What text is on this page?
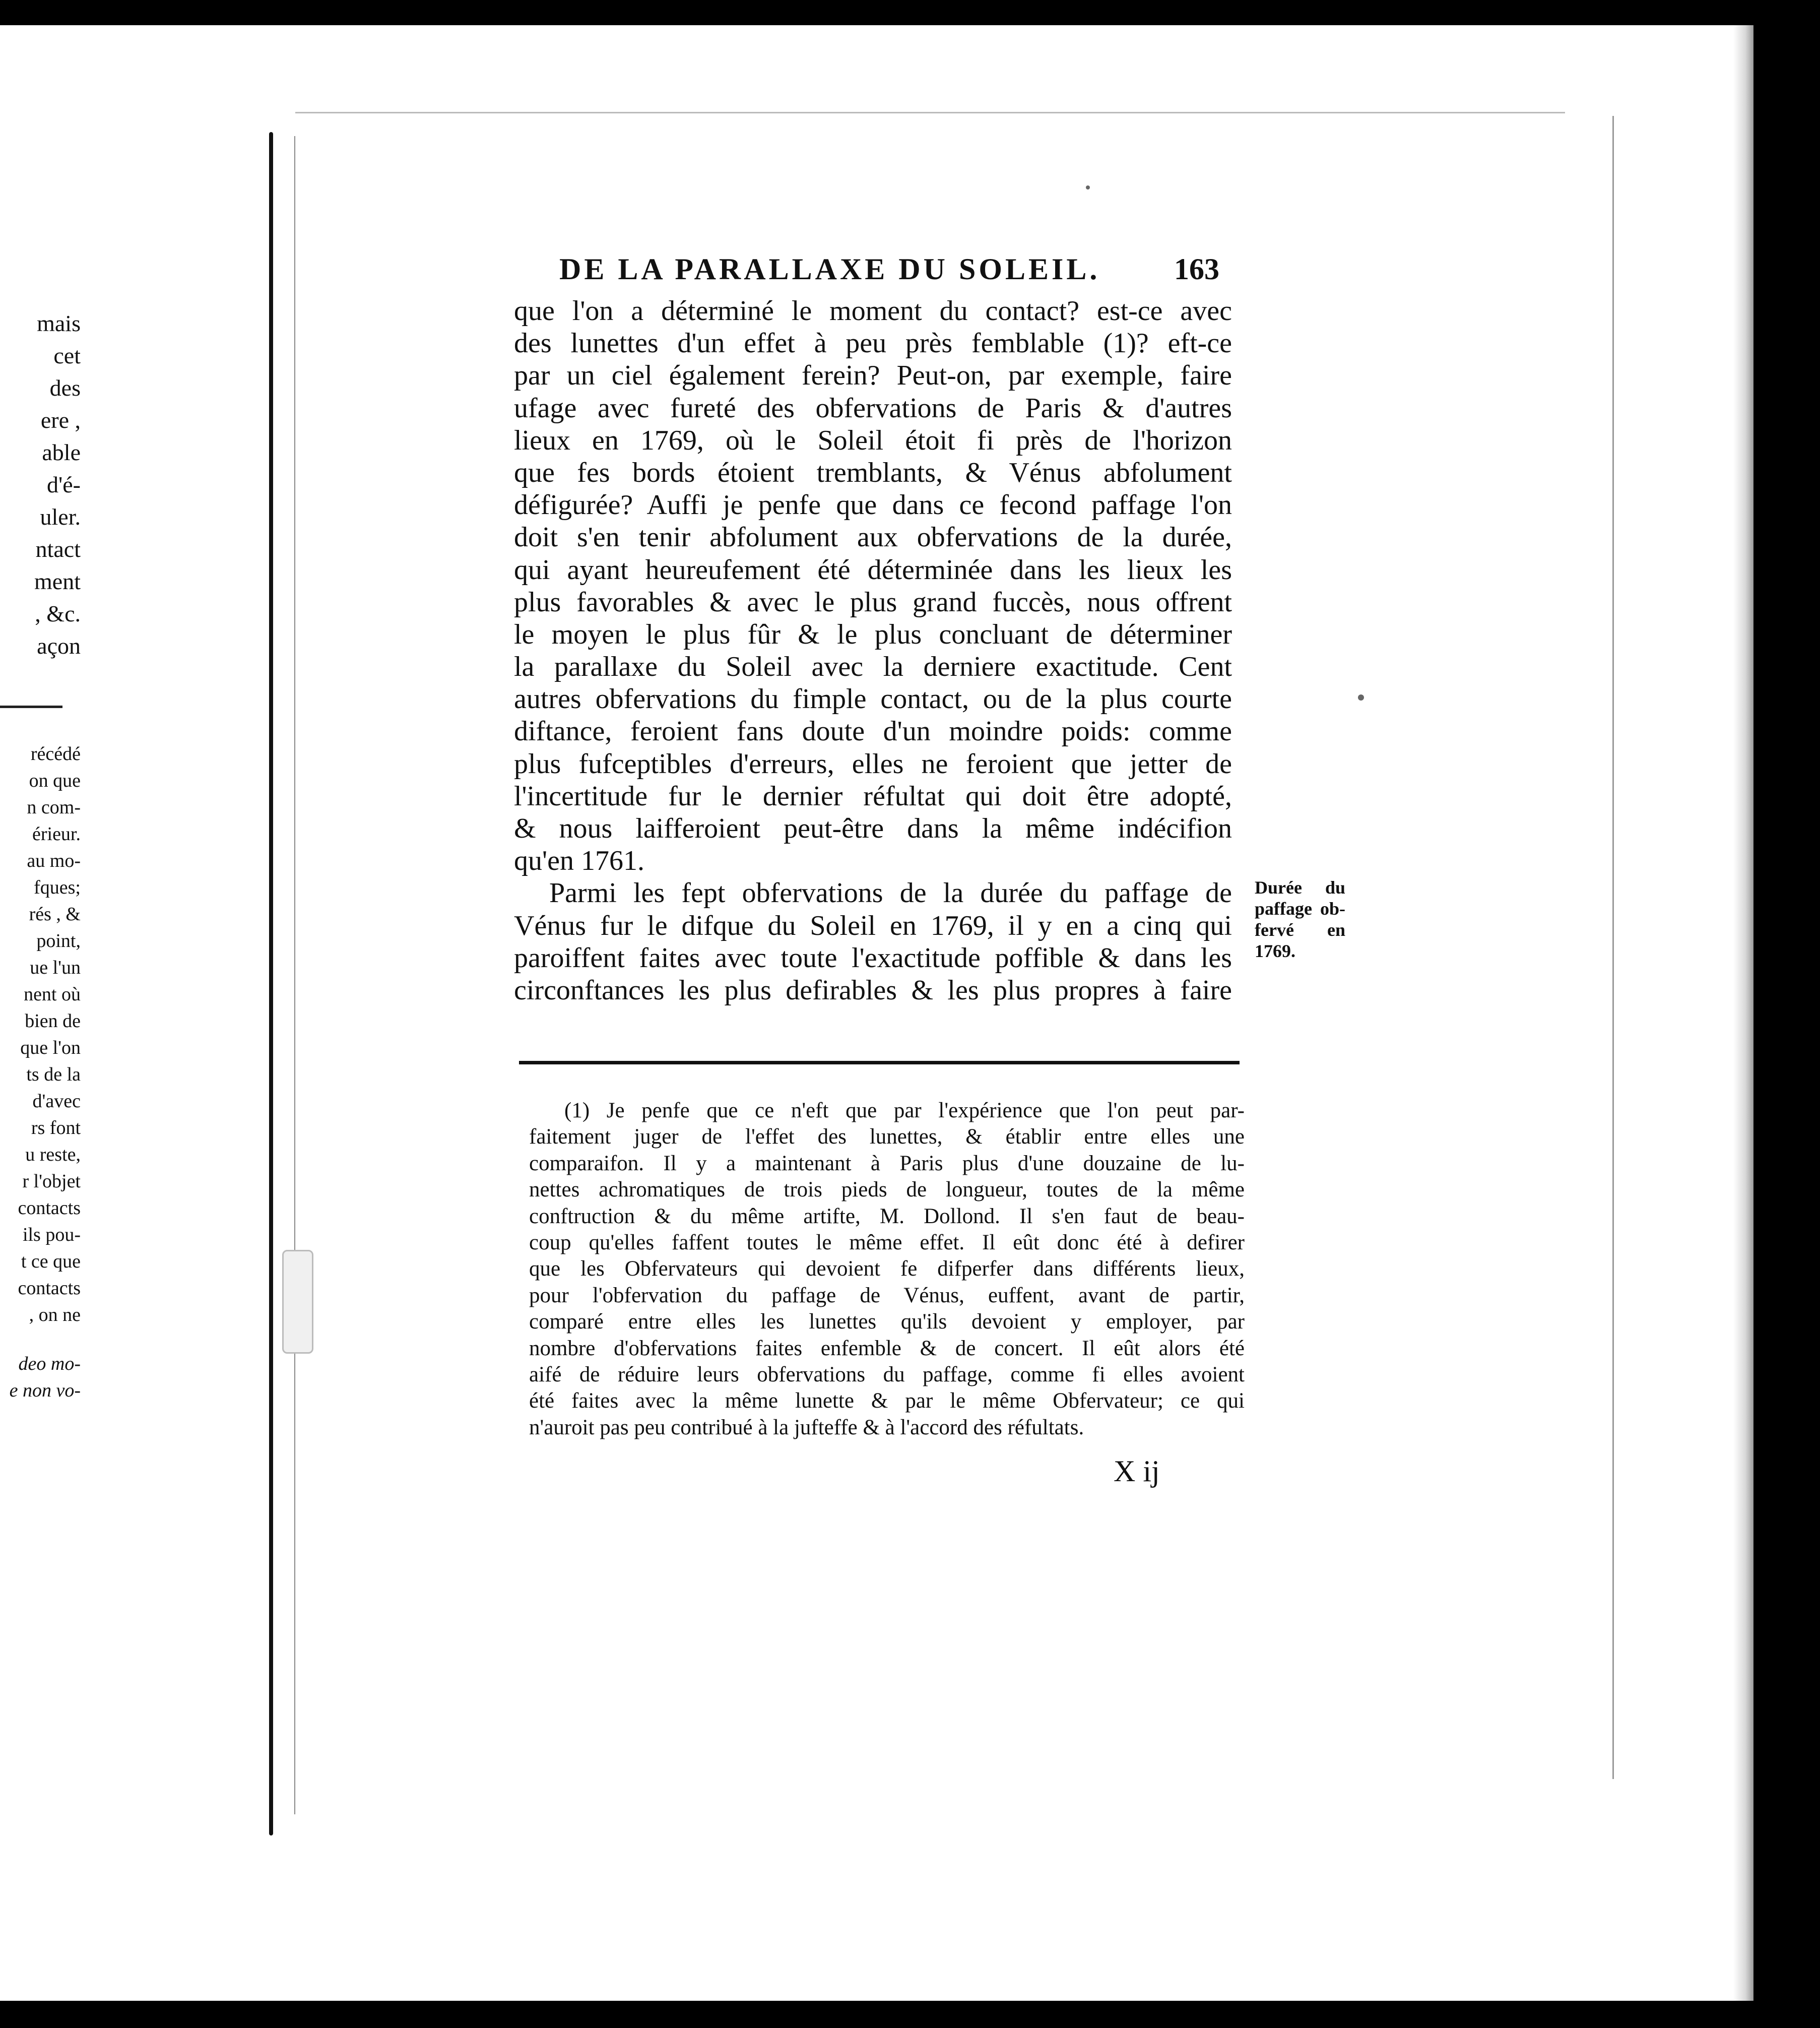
mais
cet
des
ere ,
able
d'é-
uler.
ntact
ment
, &c.
açon
récédé
on que
n com-
érieur.
au mo-
fques;
rés , &
point,
ue l'un
nent où
bien de
que l'on
ts de la
d'avec
rs font
u reste,
r l'objet
contacts
ils pou-
t ce que
contacts
, on ne
deo mo-
e non vo-
DE LA PARALLAXE DU SOLEIL.	163
que l'on a déterminé le moment du contact? est-ce avec
des lunettes d'un effet à peu près femblable (1)? eft-ce
par un ciel également ferein? Peut-on, par exemple, faire
ufage avec fureté des obfervations de Paris & d'autres
lieux en 1769, où le Soleil étoit fi près de l'horizon
que fes bords étoient tremblants, & Vénus abfolument
défigurée? Auffi je penfe que dans ce fecond paffage l'on
doit s'en tenir abfolument aux obfervations de la durée,
qui ayant heureufement été déterminée dans les lieux les
plus favorables & avec le plus grand fuccès, nous offrent
le moyen le plus fûr & le plus concluant de déterminer
la parallaxe du Soleil avec la derniere exactitude. Cent
autres obfervations du fimple contact, ou de la plus courte
diftance, feroient fans doute d'un moindre poids: comme
plus fufceptibles d'erreurs, elles ne feroient que jetter de
l'incertitude fur le dernier réfultat qui doit être adopté,
& nous laifferoient peut-être dans la même indécifion
qu'en 1761.
Parmi les fept obfervations de la durée du paffage de
Vénus fur le difque du Soleil en 1769, il y en a cinq qui
paroiffent faites avec toute l'exactitude poffible & dans les
circonftances les plus defirables & les plus propres à faire
Durée du
paffage ob-
fervé en
1769.
(1) Je penfe que ce n'eft que par l'expérience que l'on peut par-
faitement juger de l'effet des lunettes, & établir entre elles une
comparaifon. Il y a maintenant à Paris plus d'une douzaine de lu-
nettes achromatiques de trois pieds de longueur, toutes de la même
conftruction & du même artifte, M. Dollond. Il s'en faut de beau-
coup qu'elles faffent toutes le même effet. Il eût donc été à defirer
que les Obfervateurs qui devoient fe difperfer dans différents lieux,
pour l'obfervation du paffage de Vénus, euffent, avant de partir,
comparé entre elles les lunettes qu'ils devoient y employer, par
nombre d'obfervations faites enfemble & de concert. Il eût alors été
aifé de réduire leurs obfervations du paffage, comme fi elles avoient
été faites avec la même lunette & par le même Obfervateur; ce qui
n'auroit pas peu contribué à la jufteffe & à l'accord des réfultats.
X ij
